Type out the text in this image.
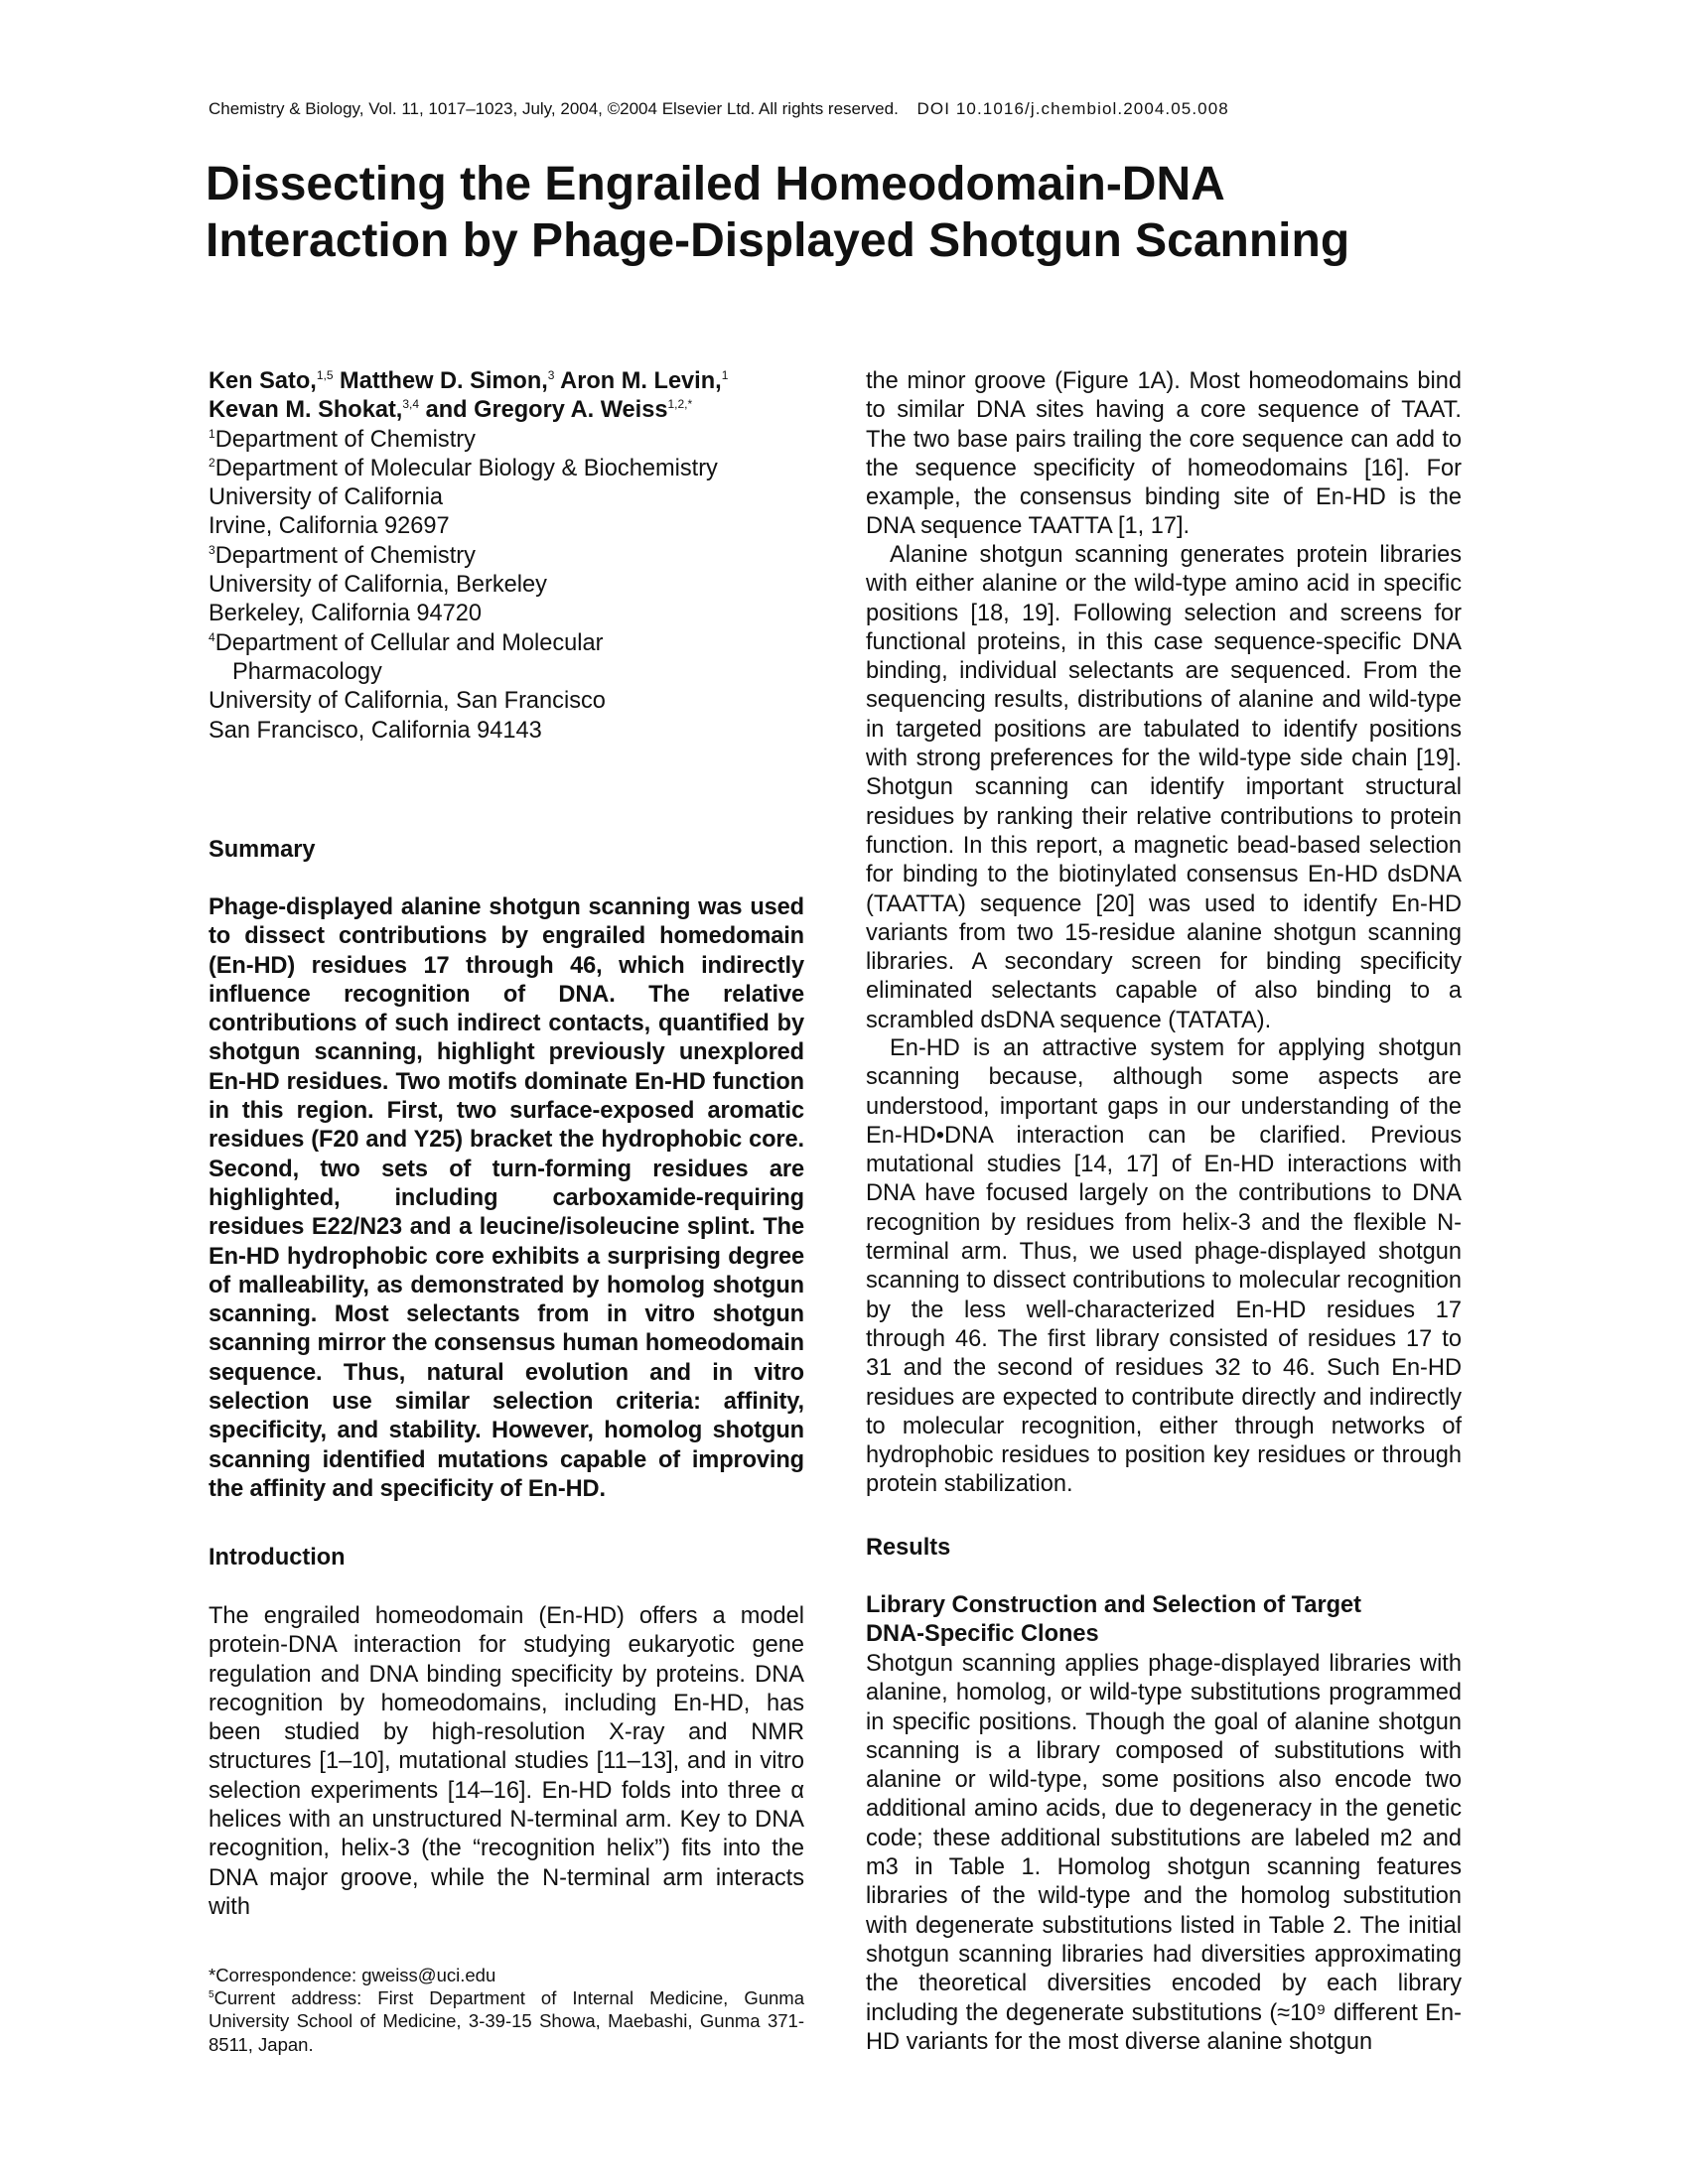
Chemistry & Biology, Vol. 11, 1017–1023, July, 2004, ©2004 Elsevier Ltd. All rights reserved. DOI 10.1016/j.chembiol.2004.05.008
Dissecting the Engrailed Homeodomain-DNA
Interaction by Phage-Displayed Shotgun Scanning
Ken Sato,$^{1,5}$ Matthew D. Simon,$^3$ Aron M. Levin,$^1$
Kevan M. Shokat,$^{3,4}$ and Gregory A. Weiss$^{1,2,*}$
$^1$Department of Chemistry
$^2$Department of Molecular Biology & Biochemistry
University of California
Irvine, California 92697
$^3$Department of Chemistry
University of California, Berkeley
Berkeley, California 94720
$^4$Department of Cellular and Molecular
Pharmacology
University of California, San Francisco
San Francisco, California 94143
Summary

Phage-displayed alanine shotgun scanning was used to dissect contributions by engrailed homedomain (En-HD) residues 17 through 46, which indirectly influence recognition of DNA. The relative contributions of such indirect contacts, quantified by shotgun scanning, highlight previously unexplored En-HD residues. Two motifs dominate En-HD function in this region. First, two surface-exposed aromatic residues (F20 and Y25) bracket the hydrophobic core. Second, two sets of turn-forming residues are highlighted, including carboxamide-requiring residues E22/N23 and a leucine/isoleucine splint. The En-HD hydrophobic core exhibits a surprising degree of malleability, as demonstrated by homolog shotgun scanning. Most selectants from in vitro shotgun scanning mirror the consensus human homeodomain sequence. Thus, natural evolution and in vitro selection use similar selection criteria: affinity, specificity, and stability. However, homolog shotgun scanning identified mutations capable of improving the affinity and specificity of En-HD.

Introduction

The engrailed homeodomain (En-HD) offers a model protein-DNA interaction for studying eukaryotic gene regulation and DNA binding specificity by proteins. DNA recognition by homeodomains, including En-HD, has been studied by high-resolution X-ray and NMR structures [1–10], mutational studies [11–13], and in vitro selection experiments [14–16]. En-HD folds into three α helices with an unstructured N-terminal arm. Key to DNA recognition, helix-3 (the “recognition helix”) fits into the DNA major groove, while the N-terminal arm interacts with

*Correspondence: gweiss@uci.edu
$^5$Current address: First Department of Internal Medicine, Gunma University School of Medicine, 3-39-15 Showa, Maebashi, Gunma 371-8511, Japan.

the minor groove (Figure 1A). Most homeodomains bind to similar DNA sites having a core sequence of TAAT. The two base pairs trailing the core sequence can add to the sequence specificity of homeodomains [16]. For example, the consensus binding site of En-HD is the DNA sequence TAATTA [1, 17].

Alanine shotgun scanning generates protein libraries with either alanine or the wild-type amino acid in specific positions [18, 19]. Following selection and screens for functional proteins, in this case sequence-specific DNA binding, individual selectants are sequenced. From the sequencing results, distributions of alanine and wild-type in targeted positions are tabulated to identify positions with strong preferences for the wild-type side chain [19]. Shotgun scanning can identify important structural residues by ranking their relative contributions to protein function. In this report, a magnetic bead-based selection for binding to the biotinylated consensus En-HD dsDNA (TAATTA) sequence [20] was used to identify En-HD variants from two 15-residue alanine shotgun scanning libraries. A secondary screen for binding specificity eliminated selectants capable of also binding to a scrambled dsDNA sequence (TATATA).

En-HD is an attractive system for applying shotgun scanning because, although some aspects are understood, important gaps in our understanding of the En-HD•DNA interaction can be clarified. Previous mutational studies [14, 17] of En-HD interactions with DNA have focused largely on the contributions to DNA recognition by residues from helix-3 and the flexible N-terminal arm. Thus, we used phage-displayed shotgun scanning to dissect contributions to molecular recognition by the less well-characterized En-HD residues 17 through 46. The first library consisted of residues 17 to 31 and the second of residues 32 to 46. Such En-HD residues are expected to contribute directly and indirectly to molecular recognition, either through networks of hydrophobic residues to position key residues or through protein stabilization.

Results
Library Construction and Selection of Target DNA-Specific Clones

Shotgun scanning applies phage-displayed libraries with alanine, homolog, or wild-type substitutions programmed in specific positions. Though the goal of alanine shotgun scanning is a library composed of substitutions with alanine or wild-type, some positions also encode two additional amino acids, due to degeneracy in the genetic code; these additional substitutions are labeled m2 and m3 in Table 1. Homolog shotgun scanning features libraries of the wild-type and the homolog substitution with degenerate substitutions listed in Table 2. The initial shotgun scanning libraries had diversities approximating the theoretical diversities encoded by each library including the degenerate substitutions (≈10⁹ different En-HD variants for the most diverse alanine shotgun
